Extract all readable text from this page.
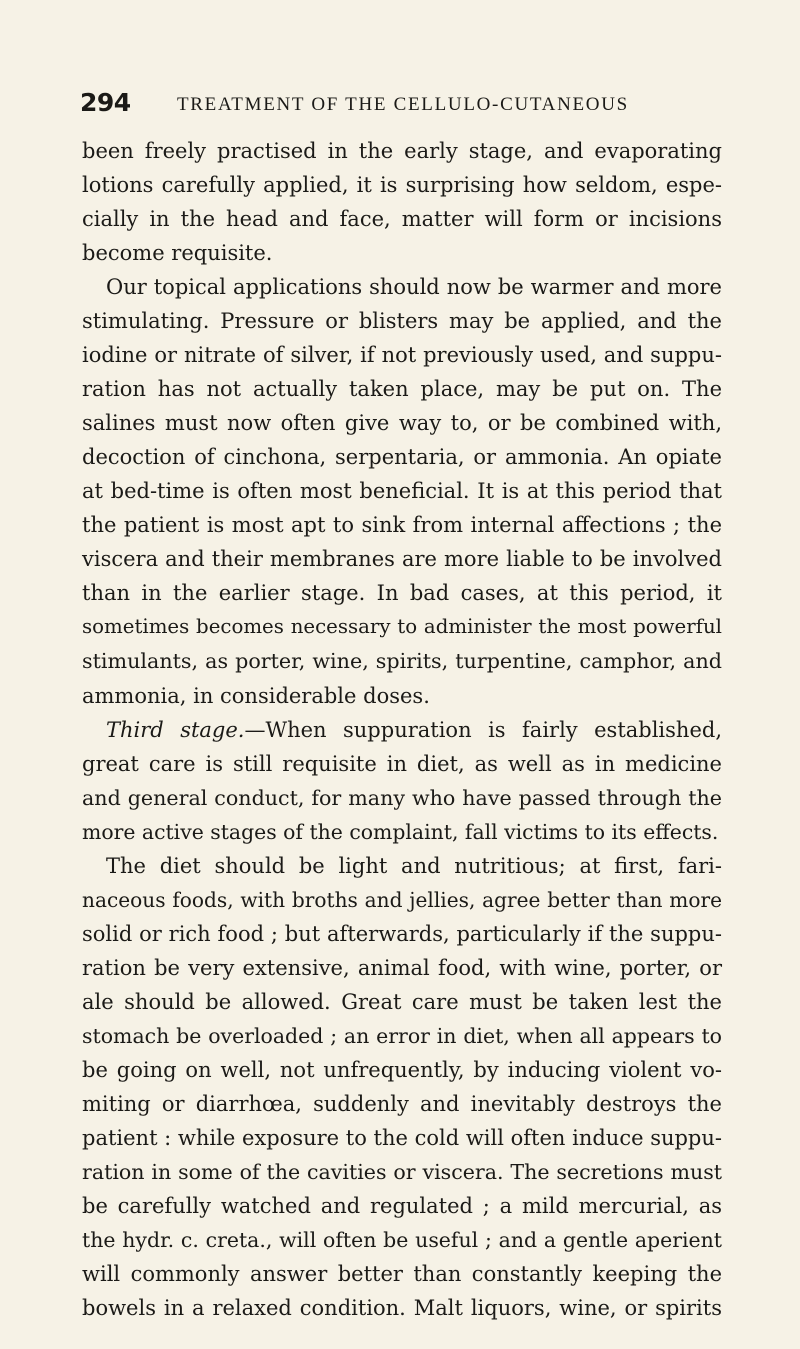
294 TREATMENT OF THE CELLULO-CUTANEOUS
been freely practised in the early stage, and evaporating
lotions carefully applied, it is surprising how seldom, espe-
cially in the head and face, matter will form or incisions
become requisite.
Our topical applications should now be warmer and more
stimulating. Pressure or blisters may be applied, and the
iodine or nitrate of silver, if not previously used, and suppu-
ration has not actually taken place, may be put on. The
salines must now often give way to, or be combined with,
decoction of cinchona, serpentaria, or ammonia. An opiate
at bed-time is often most beneficial. It is at this period that
the patient is most apt to sink from internal affections ; the
viscera and their membranes are more liable to be involved
than in the earlier stage. In bad cases, at this period, it
sometimes becomes necessary to administer the most powerful
stimulants, as porter, wine, spirits, turpentine, camphor, and
ammonia, in considerable doses.
Third stage.—When suppuration is fairly established,
great care is still requisite in diet, as well as in medicine
and general conduct, for many who have passed through the
more active stages of the complaint, fall victims to its effects.
The diet should be light and nutritious; at first, fari-
naceous foods, with broths and jellies, agree better than more
solid or rich food ; but afterwards, particularly if the suppu-
ration be very extensive, animal food, with wine, porter, or
ale should be allowed. Great care must be taken lest the
stomach be overloaded ; an error in diet, when all appears to
be going on well, not unfrequently, by inducing violent vo-
miting or diarrhœa, suddenly and inevitably destroys the
patient : while exposure to the cold will often induce suppu-
ration in some of the cavities or viscera. The secretions must
be carefully watched and regulated ; a mild mercurial, as
the hydr. c. creta., will often be useful ; and a gentle aperient
will commonly answer better than constantly keeping the
bowels in a relaxed condition. Malt liquors, wine, or spirits
